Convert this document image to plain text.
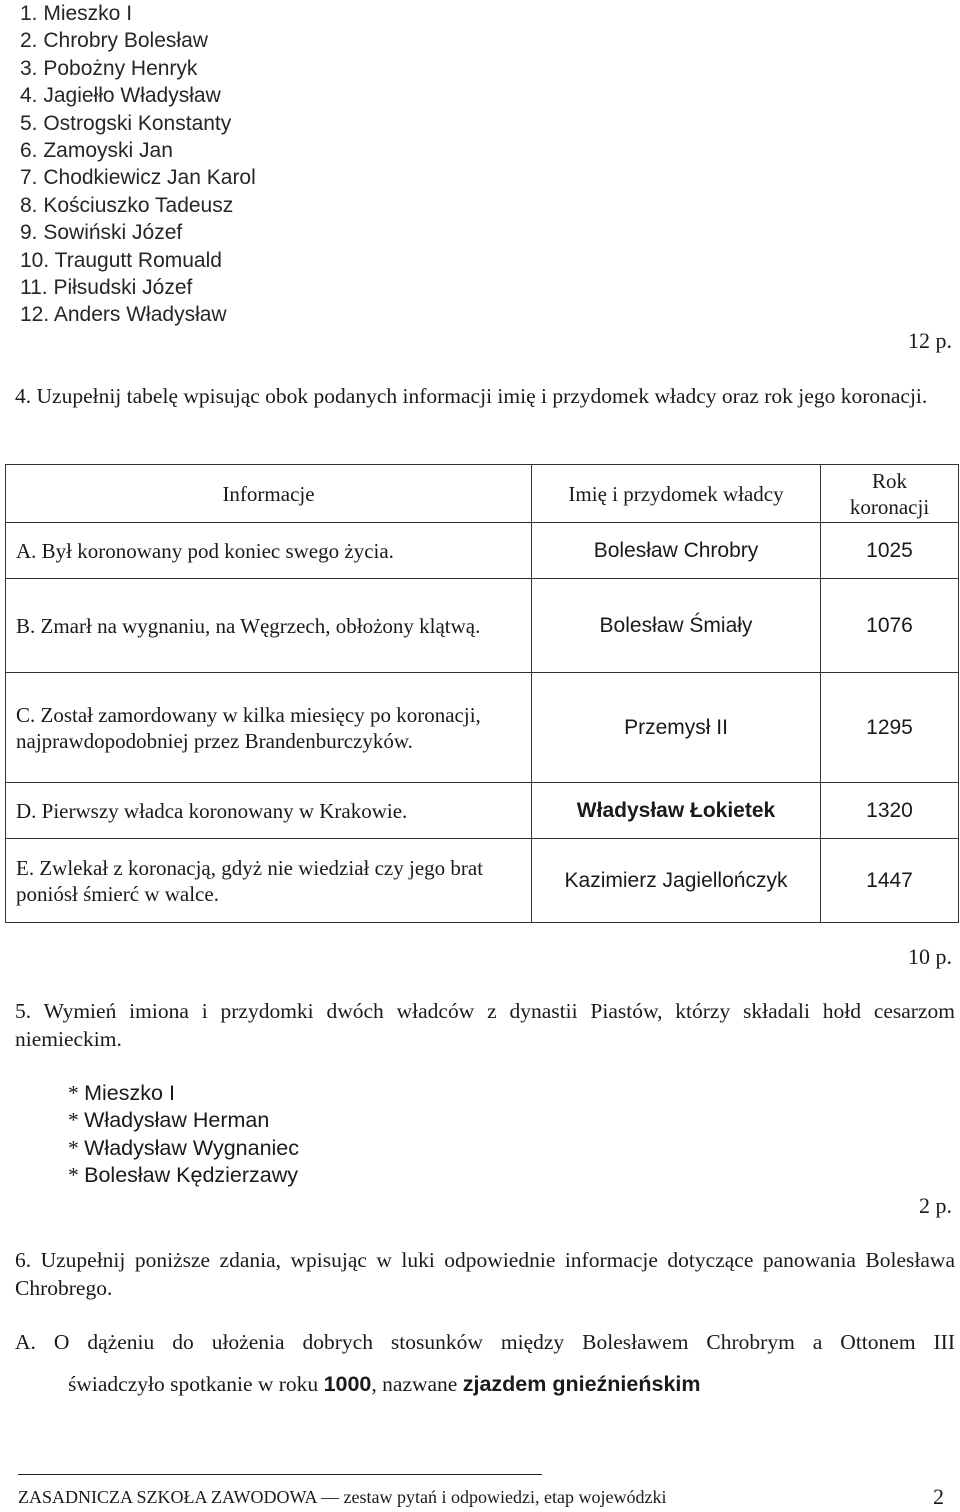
1. Mieszko I
2. Chrobry Bolesław
3. Pobożny Henryk
4. Jagiełło Władysław
5. Ostrogski Konstanty
6. Zamoyski Jan
7. Chodkiewicz Jan Karol
8. Kościuszko Tadeusz
9. Sowiński Józef
10. Traugutt Romuald
11. Piłsudski Józef
12. Anders Władysław
12 p.
4. Uzupełnij tabelę wpisując obok podanych informacji imię i przydomek władcy oraz rok jego koronacji.
Informacje	Imię i przydomek władcy	Rok
koronacji
A. Był koronowany pod koniec swego życia.	Bolesław Chrobry	1025

B. Zmarł na wygnaniu, na Węgrzech, obłożony klątwą.	Bolesław Śmiały	1076

C. Został zamordowany w kilka miesięcy po koronacji, najprawdopodobniej przez Brandenburczyków.	Przemysł II	1295
D. Pierwszy władca koronowany w Krakowie.	Władysław Łokietek	1320

E. Zwlekał z koronacją, gdyż nie wiedział czy jego brat poniósł śmierć w walce.	Kazimierz Jagiellończyk	1447
10 p.
5. Wymień imiona i przydomki dwóch władców z dynastii Piastów, którzy składali hołd cesarzom niemieckim.
* Mieszko I
* Władysław Herman
* Władysław Wygnaniec
* Bolesław Kędzierzawy
2 p.
6. Uzupełnij poniższe zdania, wpisując w luki odpowiednie informacje dotyczące panowania Bolesława Chrobrego.
A. O dążeniu do ułożenia dobrych stosunków między Bolesławem Chrobrym a Ottonem III
świadczyło spotkanie w roku 1000, nazwane zjazdem gnieźnieńskim
ZASADNICZA SZKOŁA ZAWODOWA — zestaw pytań i odpowiedzi, etap wojewódzki	2
